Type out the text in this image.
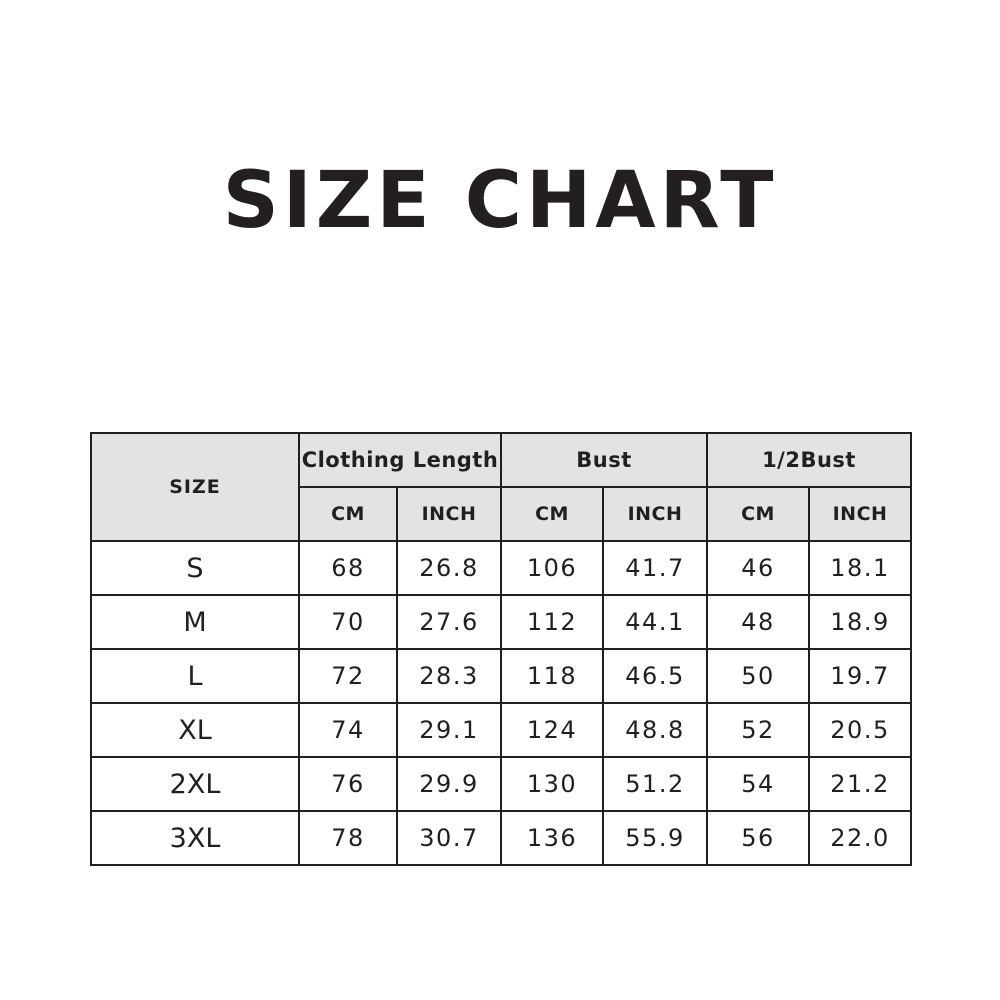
SIZE CHART
SIZE	Clothing Length		Bust		1/2Bust	
	CM	INCH	CM	INCH	CM	INCH
S	68	26.8	106	41.7	46	18.1
M	70	27.6	112	44.1	48	18.9
L	72	28.3	118	46.5	50	19.7
XL	74	29.1	124	48.8	52	20.5
2XL	76	29.9	130	51.2	54	21.2
3XL	78	30.7	136	55.9	56	22.0
